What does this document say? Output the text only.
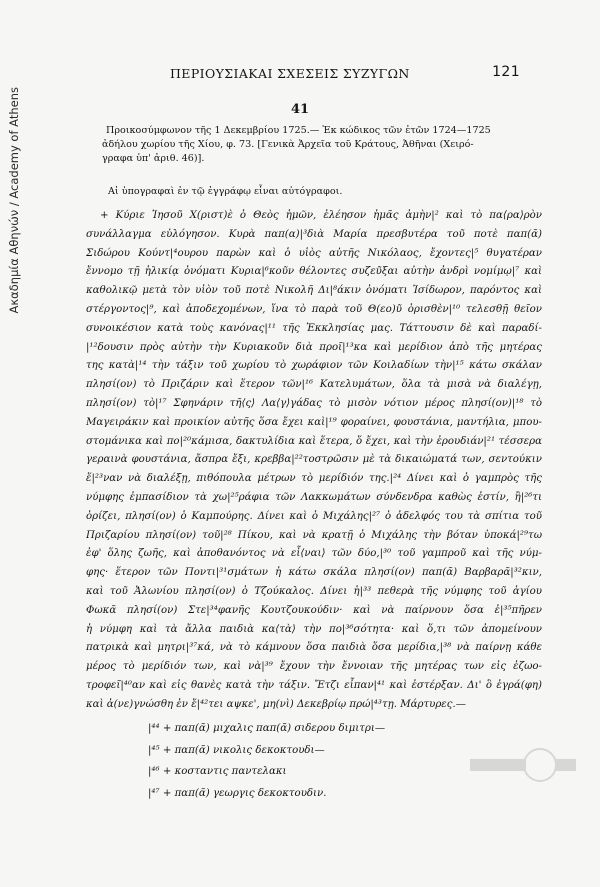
Ακαδημία Αθηνών / Academy of Athens
ΠΕΡΙΟΥΣΙΑΚΑΙ ΣΧΕΣΕΙΣ ΣΥΖΥΓΩΝ	121
41

Προικοσύμφωνον τῆς 1 Δεκεμβρίου 1725.— Ἐκ κώδικος τῶν ἐτῶν 1724—1725

ἀδήλου χωρίου τῆς Χίου, φ. 73. [Γενικὰ Ἀρχεῖα τοῦ Κράτους, Ἀθῆναι (Χειρό-

γραφα ὑπ' ἀριθ. 46)].

Αἱ ὑπογραφαὶ ἐν τῷ ἐγγράφῳ εἶναι αὐτόγραφοι.
+ Κύριε Ἰησοῦ Χ(ριστ)ὲ ὁ Θεὸς ἡμῶν, ἐλέησον ἡμᾶς ἀμὴν|² καὶ τὸ πα⟨ρα⟩ρὸν
συνάλλαγμα εὐλόγησον. Κυρὰ παπ(α)|³διὰ Μαρία πρεσβυτέρα τοῦ ποτὲ παπ(ᾶ)
Σιδώρου Κούντ|⁴ουρου παρὼν καὶ ὁ υἱὸς αὐτῆς Νικόλαος, ἔχοντες|⁵ θυγατέραν
ἔννομο τῇ ἡλικίᾳ ὀνόματι Κυρια|⁶κοῦν θέλοντες συζεῦξαι αὐτὴν ἀνδρὶ νομίμῳ|⁷ καὶ
καθολικῷ μετὰ τὸν υἱὸν τοῦ ποτὲ Νικολῆ Δι|⁸άκιν ὀνόματι Ἰσίδωρον, παρόντος καὶ
στέργοντος|⁹, καὶ ἀποδεχομένων, ἵνα τὸ παρὰ τοῦ Θ(εο)ῦ ὁρισθὲν|¹⁰ τελεσθῇ θεῖον
συνοικέσιον κατὰ τοὺς κανόνας|¹¹ τῆς Ἐκκλησίας μας. Τάττουσιν δὲ καὶ παραδί-
|¹²δουσιν πρὸς αὐτὴν τὴν Κυριακοῦν διὰ προῖ|¹³κα καὶ μερίδιον ἀπὸ τῆς μητέρας
της κατὰ|¹⁴ τὴν τάξιν τοῦ χωρίου τὸ χωράφιον τῶν Κοιλαδίων τὴν|¹⁵ κάτω σκάλαν
πλησί(ον) τὸ Πριζάριν καὶ ἕτερον τῶν|¹⁶ Κατελυμάτων, ὅλα τὰ μισὰ νὰ διαλέγῃ,
πλησί(ον) τὸ|¹⁷ Σφηνάριν τῆ⟨ς⟩ Λα⟨γ⟩γάδας τὸ μισὸν νότιον μέρος πλησί(ον)|¹⁸ τὸ
Μαγειράκιν καὶ προικίον αὐτῆς ὅσα ἔχει καὶ|¹⁹ φοραίνει, φουστάνια, μαντήλια, μπου-
στομάνικα καὶ πο|²⁰κάμισα, δακτυλίδια καὶ ἕτερα, ὅ ἔχει, καὶ τὴν ἐρουδιάν|²¹ τέσσερα
γεραινὰ φουστάνια, ἄσπρα ἔξι, κρεββα|²²τοστρῶσιν μὲ τὰ δικαιώματά των, σεντούκιν
ἕ|²³ναν νὰ διαλέξῃ, πιθόπουλα μέτρων τὸ μερίδιόν της.|²⁴ Δίνει καὶ ὁ γαμπρὸς τῆς
νύμφης ἐμπασίδιον τὰ χω|²⁵ράφια τῶν Λακκωμάτων σύνδενδρα καθὼς ἐστίν, ἢ|²⁶τι
ὁρίζει, πλησί(ον) ὁ Καμπούρης. Δίνει καὶ ὁ Μιχάλης|²⁷ ὁ ἀδελφός του τὰ σπίτια τοῦ
Πριζαρίου πλησί(ον) τοῦ|²⁸ Πίκου, καὶ νὰ κρατῇ ὁ Μιχάλης τὴν βόταν ὑποκά|²⁹τω
ἐφ' ὅλης ζωῆς, καὶ ἀποθανόντος νὰ εἶ⟨ναι⟩ τῶν δύο,|³⁰ τοῦ γαμπροῦ καὶ τῆς νύμ-
φης· ἕτερον τῶν Ποντι|³¹σμάτων ἡ κάτω σκάλα πλησί(ον) παπ(ᾶ) Βαρβαρᾶ|³²κιν,
καὶ τοῦ Ἀλωνίου πλησί(ον) ὁ Τζούκαλος. Δίνει ἡ|³³ πεθερὰ τῆς νύμφης τοῦ ἁγίου
Φωκᾶ πλησί(ον) Στε|³⁴φανῆς Κουτζουκούδιν· καὶ νὰ παίρνουν ὅσα ἐ|³⁵πῆρεν
ἡ νύμφη καὶ τὰ ἄλλα παιδιὰ κα⟨τὰ⟩ τὴν πο|³⁶σότητα· καὶ ὅ,τι τῶν ἀπομείνουν
πατρικὰ καὶ μητρι|³⁷κά, νὰ τὸ κάμνουν ὅσα παιδιὰ ὅσα μερίδια,|³⁸ νὰ παίρνῃ κάθε
μέρος τὸ μερίδιόν των, καὶ νὰ|³⁹ ἔχουν τὴν ἔννοιαν τῆς μητέρας των εἰς ἐζωο-
τροφεῖ|⁴⁰αν καὶ εἰς θανὲς κατὰ τὴν τάξιν. Ἔτζι εἶπαν|⁴¹ καὶ ἐστέρξαν. Δι' ὃ ἐγρά(φη)
καὶ ἀ(νε)γνώσθη ἐν ἔ|⁴²τει αψκε', μη(νὶ) Δεκεβρίῳ πρώ|⁴³τῃ. Μάρτυρες.—
|⁴⁴ + παπ(ᾶ) μιχαλις παπ(ᾶ) σιδερου διμιτρι—
|⁴⁵ + παπ(ᾶ) νικολις δεκοκτουδι—
|⁴⁶ + κοσταντις παντελακι
|⁴⁷ + παπ(ᾶ) γεωργις δεκοκτουδιν.
